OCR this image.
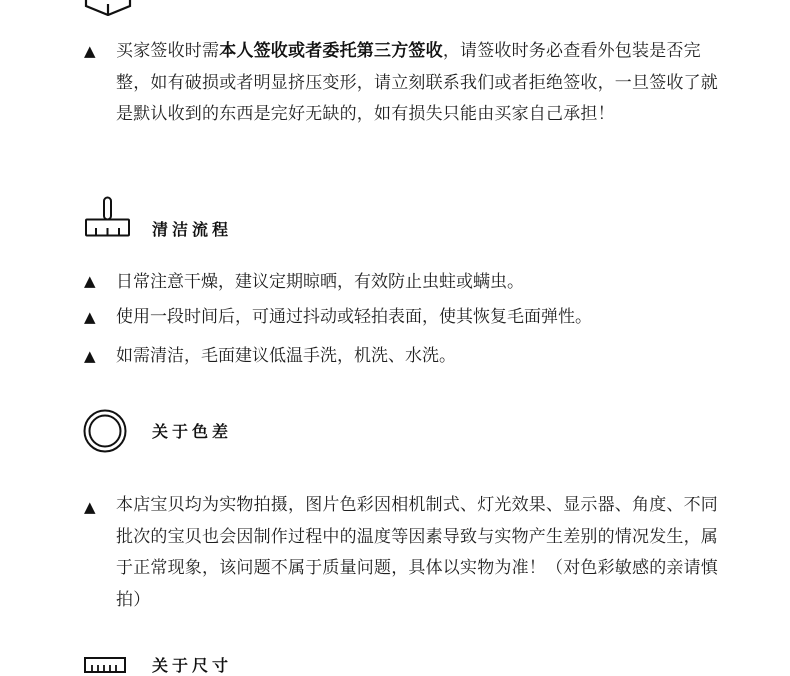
▲ 买家签收时需本人签收或者委托第三方签收，请签收时务必查看外包装是否完整，如有破损或者明显挤压变形，请立刻联系我们或者拒绝签收，一旦签收了就是默认收到的东西是完好无缺的，如有损失只能由买家自己承担！
清洁流程
▲ 日常注意干燥，建议定期晾晒，有效防止虫蛀或螨虫。
▲ 使用一段时间后，可通过抖动或轻拍表面，使其恢复毛面弹性。
▲ 如需清洁，毛面建议低温手洗，机洗、水洗。
关于色差
▲ 本店宝贝均为实物拍摄，图片色彩因相机制式、灯光效果、显示器、角度、不同批次的宝贝也会因制作过程中的温度等因素导致与实物产生差别的情况发生，属于正常现象，该问题不属于质量问题，具体以实物为准！（对色彩敏感的亲请慎拍）
关于尺寸
